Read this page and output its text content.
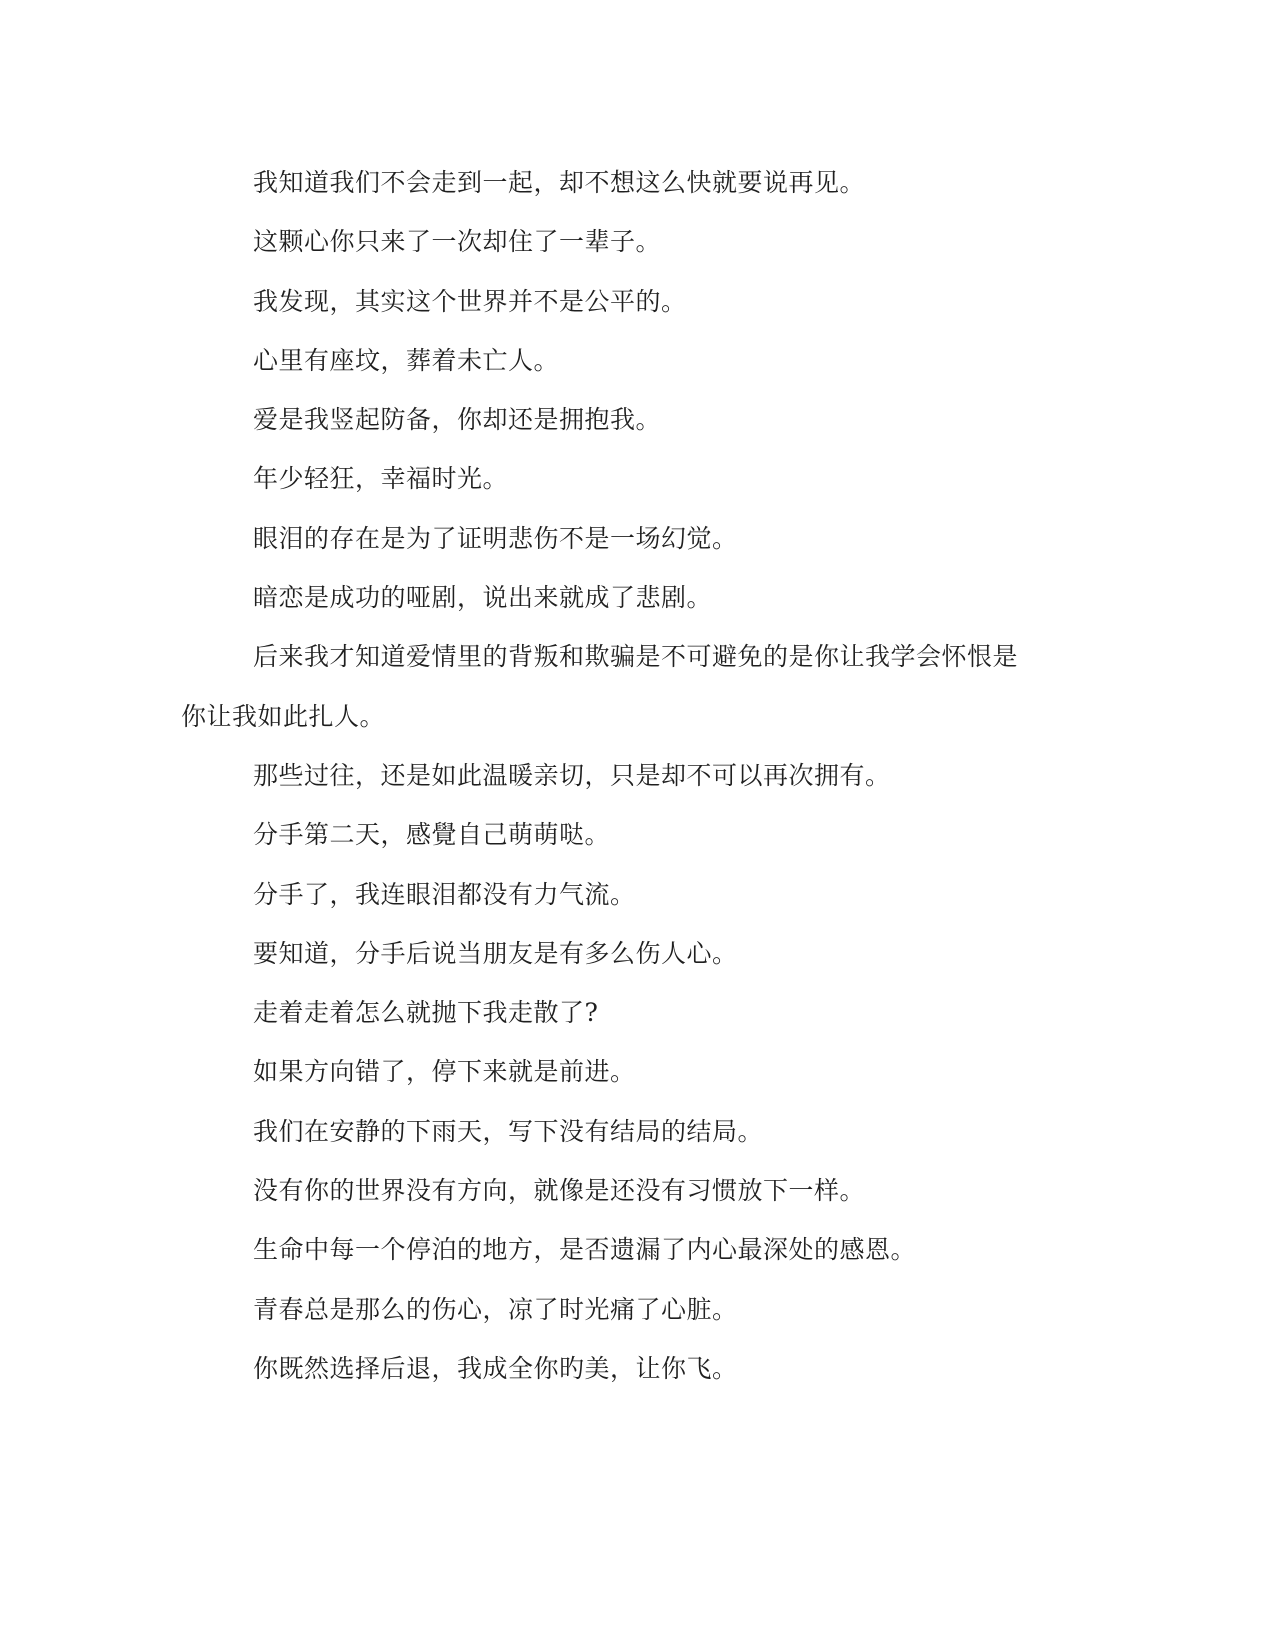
我知道我们不会走到一起，却不想这么快就要说再见。

这颗心你只来了一次却住了一辈子。

我发现，其实这个世界并不是公平的。

心里有座坟，葬着未亡人。

爱是我竖起防备，你却还是拥抱我。

年少轻狂，幸福时光。

眼泪的存在是为了证明悲伤不是一场幻觉。

暗恋是成功的哑剧，说出来就成了悲剧。

后来我才知道爱情里的背叛和欺骗是不可避免的是你让我学会怀恨是你让我如此扎人。

那些过往，还是如此温暖亲切，只是却不可以再次拥有。

分手第二天，感覺自己萌萌哒。

分手了，我连眼泪都没有力气流。

要知道，分手后说当朋友是有多么伤人心。

走着走着怎么就抛下我走散了?

如果方向错了，停下来就是前进。

我们在安静的下雨天，写下没有结局的结局。

没有你的世界没有方向，就像是还没有习惯放下一样。

生命中每一个停泊的地方，是否遗漏了内心最深处的感恩。

青春总是那么的伤心，凉了时光痛了心脏。

你既然选择后退，我成全你旳美，让你飞。
